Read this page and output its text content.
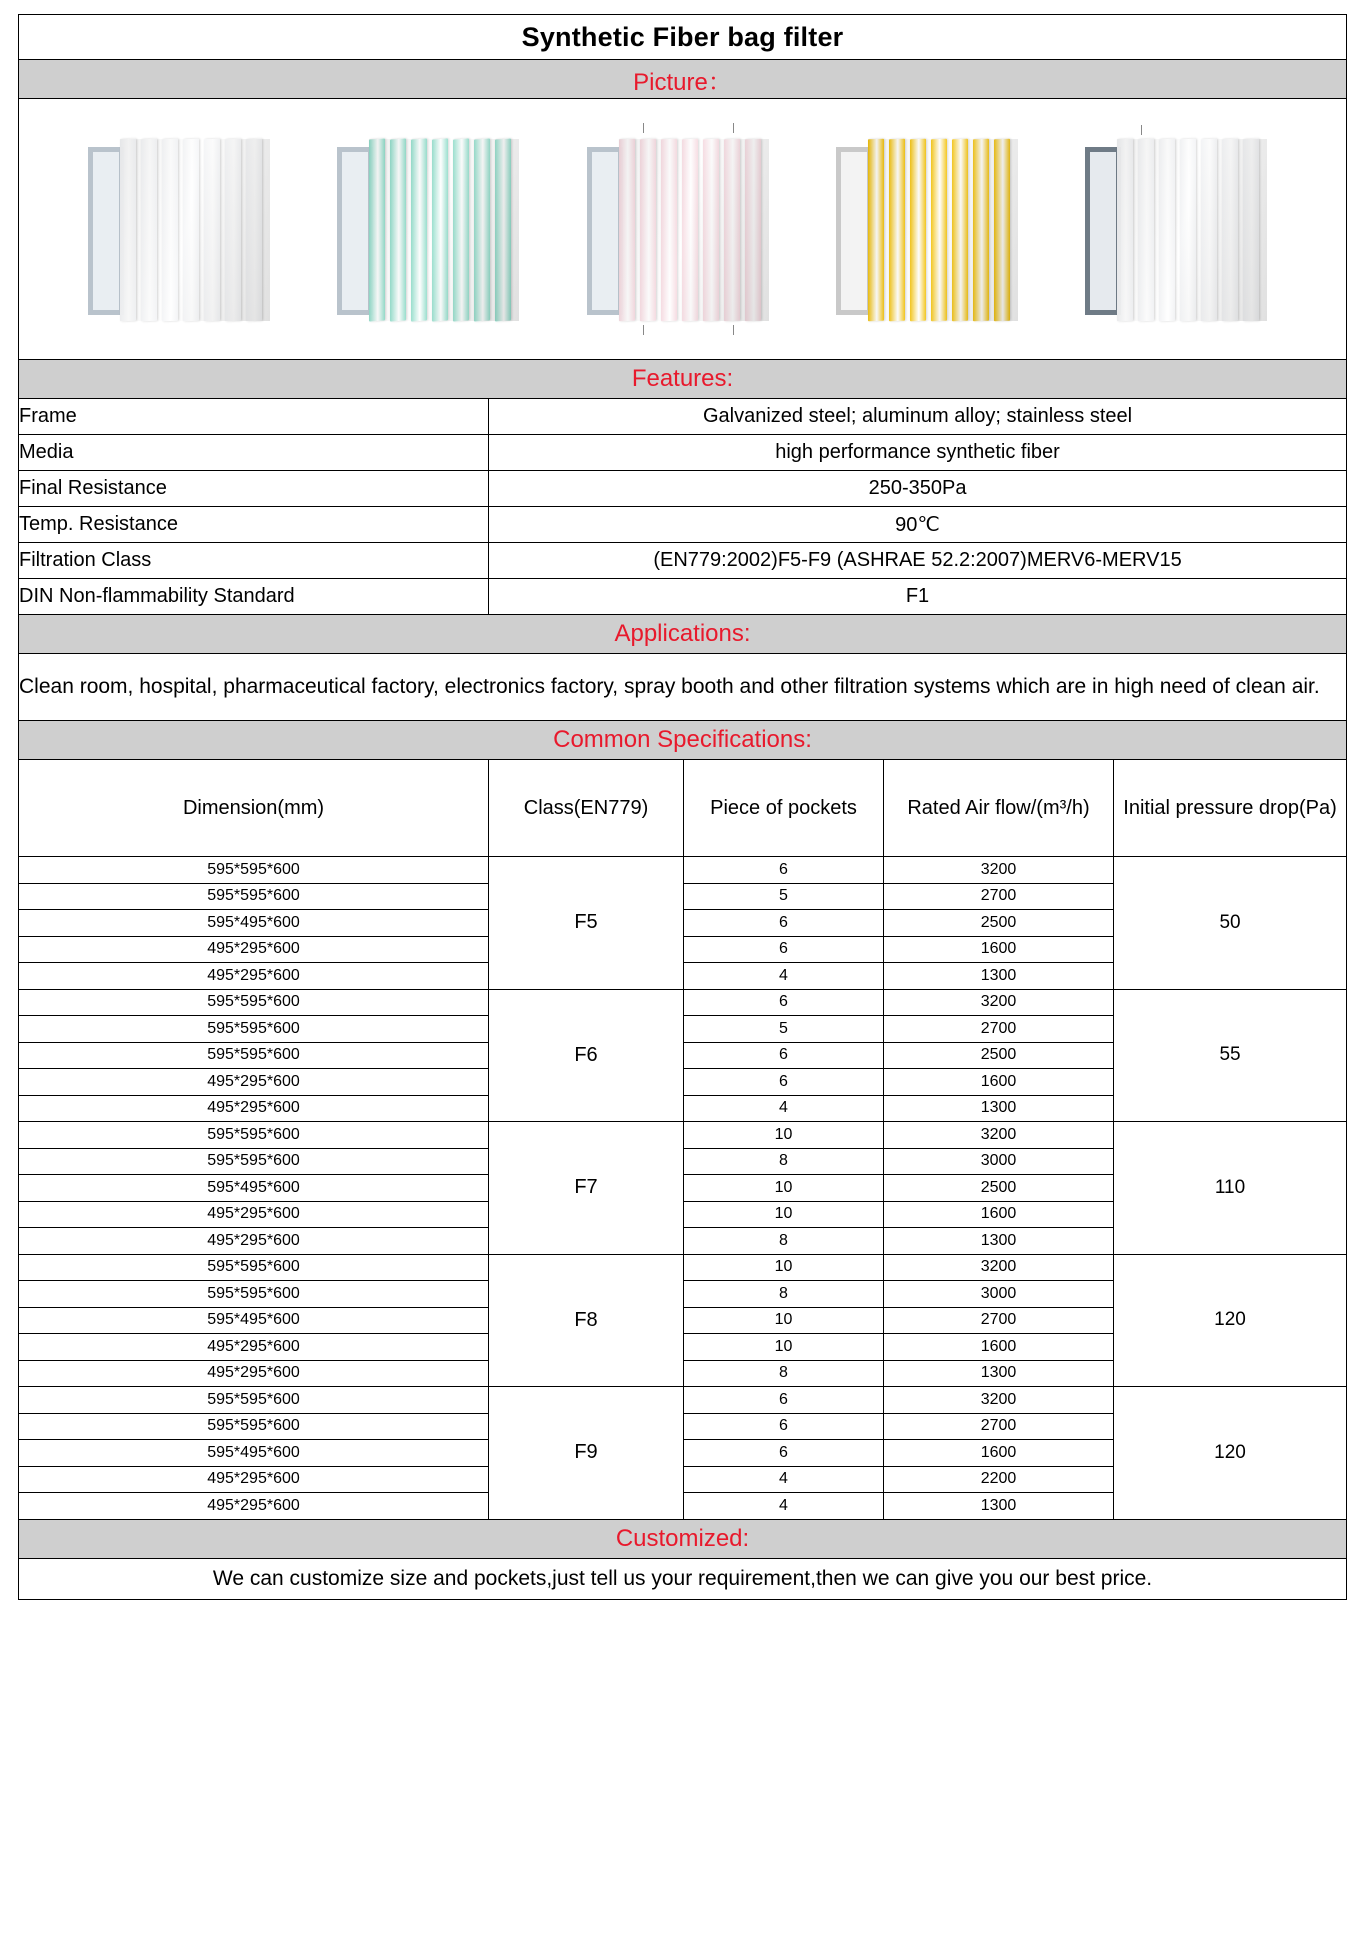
Synthetic Fiber bag filter				
Picture：				

Features:				
Frame	Galvanized steel; aluminum alloy; stainless steel			
Media	high performance synthetic fiber			
Final Resistance	250-350Pa			
Temp. Resistance	90℃			
Filtration Class	(EN779:2002)F5-F9 (ASHRAE 52.2:2007)MERV6-MERV15			
DIN Non-flammability Standard	F1			
Applications:				
Clean room, hospital, pharmaceutical factory, electronics factory, spray booth and other filtration systems which are in high need of clean air.				
Common Specifications:				
Dimension(mm)	Class(EN779)	Piece of pockets	Rated Air flow/(m³/h)	Initial pressure drop(Pa)
595*595*600	F5	6	3200	50
595*595*600		5	2700	
595*495*600		6	2500	
495*295*600		6	1600	
495*295*600		4	1300	
595*595*600	F6	6	3200	55
595*595*600		5	2700	
595*595*600		6	2500	
495*295*600		6	1600	
495*295*600		4	1300	
595*595*600	F7	10	3200	110
595*595*600		8	3000	
595*495*600		10	2500	
495*295*600		10	1600	
495*295*600		8	1300	
595*595*600	F8	10	3200	120
595*595*600		8	3000	
595*495*600		10	2700	
495*295*600		10	1600	
495*295*600		8	1300	
595*595*600	F9	6	3200	120
595*595*600		6	2700	
595*495*600		6	1600	
495*295*600		4	2200	
495*295*600		4	1300	
Customized:				
We can customize size and pockets,just tell us your requirement,then we can give you our best price.				
